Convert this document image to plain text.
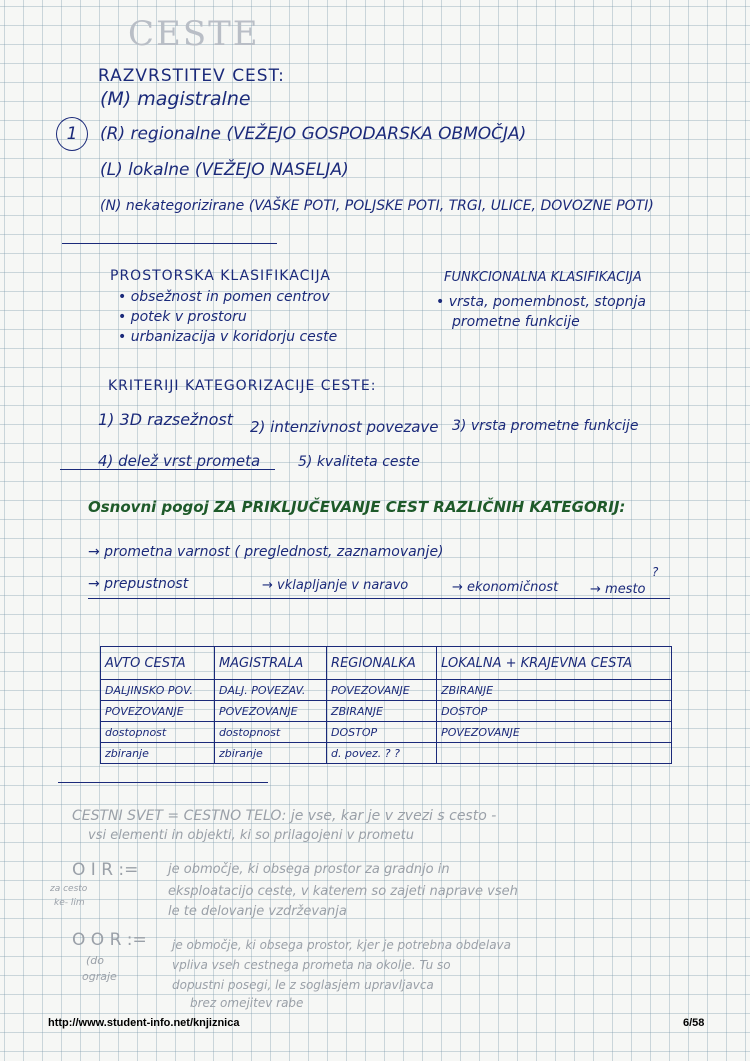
CESTE
RAZVRSTITEV CEST:
1
(M) magistralne
(R) regionalne (VEŽEJO GOSPODARSKA OBMOČJA)
(L) lokalne (VEŽEJO NASELJA)
(N) nekategorizirane (VAŠKE POTI, POLJSKE POTI, TRGI, ULICE, DOVOZNE POTI)
PROSTORSKA KLASIFIKACIJA
• obsežnost in pomen centrov
• potek v prostoru
• urbanizacija v koridorju ceste
FUNKCIONALNA KLASIFIKACIJA
• vrsta, pomembnost, stopnja
prometne funkcije
KRITERIJI KATEGORIZACIJE CESTE:
1) 3D razsežnost 2) intenzivnost povezave 3) vrsta prometne funkcije
4) delež vrst prometa	5) kvaliteta ceste
Osnovni pogoj ZA PRIKLJUČEVANJE CEST RAZLIČNIH KATEGORIJ:
→ prometna varnost ( preglednost, zaznamovanje)
?
→ prepustnost	→ vklapljanje v naravo	→ ekonomičnost → mesto
AVTO CESTA	MAGISTRALA	REGIONALKA	LOKALNA + KRAJEVNA CESTA
DALJINSKO POV.	DALJ. POVEZAV.	POVEZOVANJE	ZBIRANJE
POVEZOVANJE	POVEZOVANJE	ZBIRANJE	DOSTOP
dostopnost	dostopnost	DOSTOP	POVEZOVANJE
zbiranje	zbiranje	d. povez. ? ?	
CESTNI SVET = CESTNO TELO: je vse, kar je v zvezi s cesto -
vsi elementi in objekti, ki so prilagojeni v prometu
O I R :=
za cesto
ke- lim
je območje, ki obsega prostor za gradnjo in
eksploatacijo ceste, v katerem so zajeti naprave vseh
le te delovanje vzdrževanja
O O R :=
(do
ograje
je območje, ki obsega prostor, kjer je potrebna obdelava
vpliva vseh cestnega prometa na okolje. Tu so
dopustni posegi, le z soglasjem upravljavca
brez omejitev rabe
http://www.student-info.net/knjiznica	6/58
